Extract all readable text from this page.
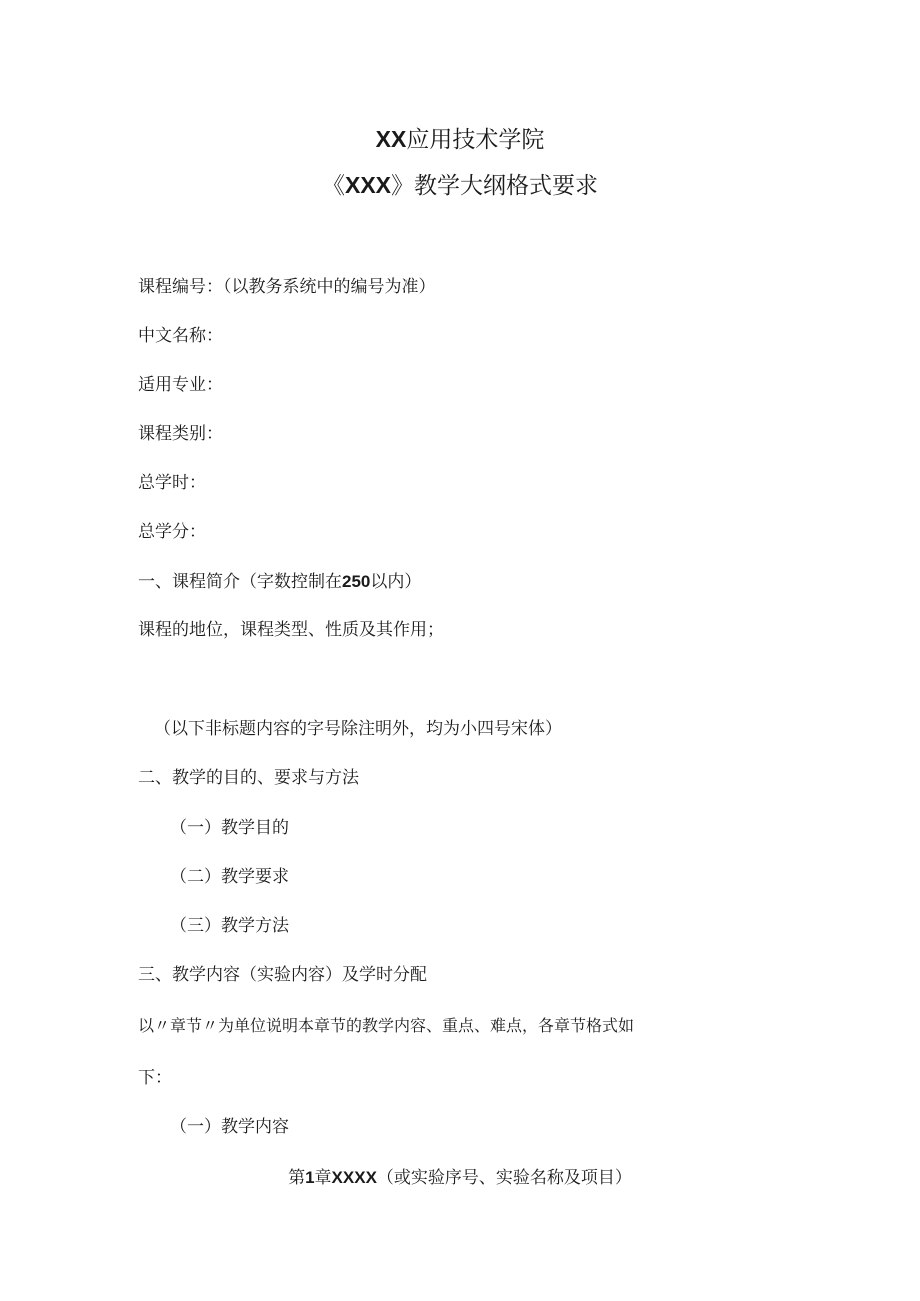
XX应用技术学院
《XXX》教学大纲格式要求
课程编号：（以教务系统中的编号为准）
中文名称：
适用专业：
课程类别：
总学时：
总学分：
一、课程简介（字数控制在250以内）
课程的地位，课程类型、性质及其作用；
（以下非标题内容的字号除注明外，均为小四号宋体）
二、教学的目的、要求与方法
（一）教学目的
（二）教学要求
（三）教学方法
三、教学内容（实验内容）及学时分配
以〃章节〃为单位说明本章节的教学内容、重点、难点，各章节格式如
下：
（一）教学内容
第1章XXXX（或实验序号、实验名称及项目）
